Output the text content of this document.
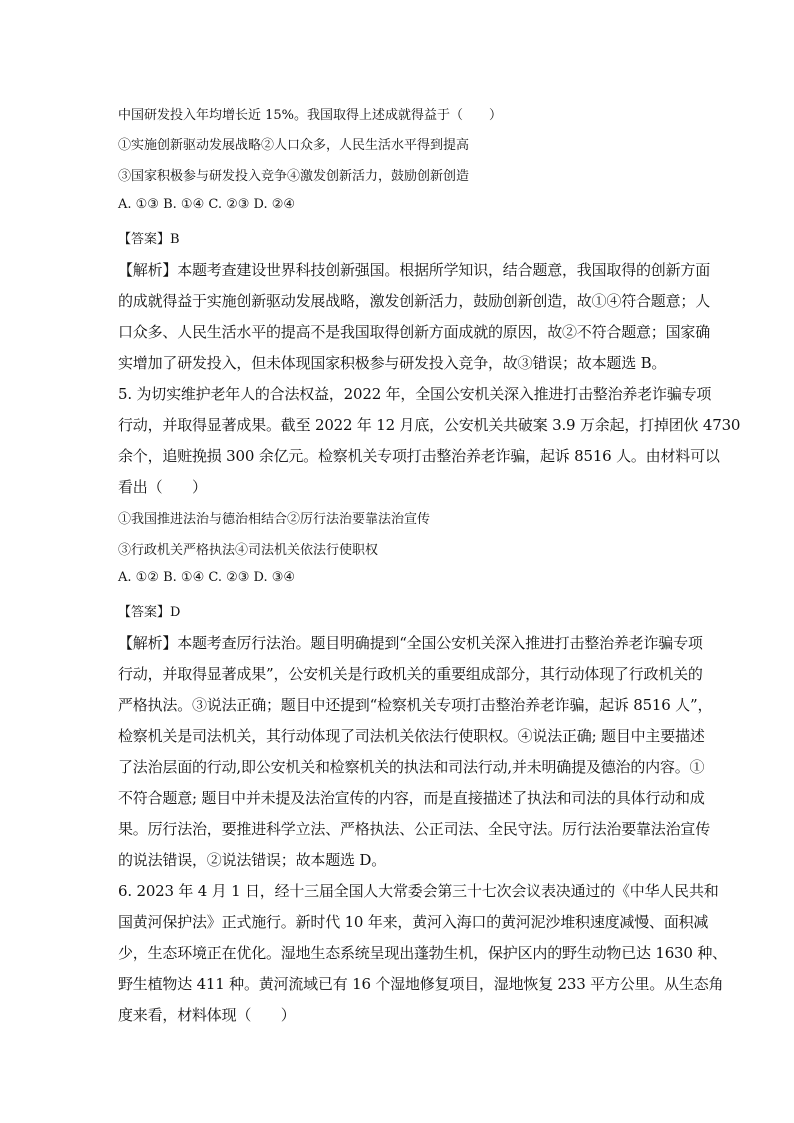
中国研发投入年均增长近 15%。我国取得上述成就得益于（　　）
①实施创新驱动发展战略②人口众多，人民生活水平得到提高
③国家积极参与研发投入竞争④激发创新活力，鼓励创新创造
A. ①③ B. ①④ C. ②③ D. ②④
【答案】B
【解析】本题考查建设世界科技创新强国。根据所学知识，结合题意，我国取得的创新方面
的成就得益于实施创新驱动发展战略，激发创新活力，鼓励创新创造，故①④符合题意；人
口众多、人民生活水平的提高不是我国取得创新方面成就的原因，故②不符合题意；国家确
实增加了研发投入，但未体现国家积极参与研发投入竞争，故③错误；故本题选 B。
5. 为切实维护老年人的合法权益，2022 年，全国公安机关深入推进打击整治养老诈骗专项
行动，并取得显著成果。截至 2022 年 12 月底，公安机关共破案 3.9 万余起，打掉团伙 4730
余个，追赃挽损 300 余亿元。检察机关专项打击整治养老诈骗，起诉 8516 人。由材料可以
看出（　　）
①我国推进法治与德治相结合②厉行法治要靠法治宣传
③行政机关严格执法④司法机关依法行使职权
A. ①② B. ①④ C. ②③ D. ③④
【答案】D
【解析】本题考查厉行法治。题目明确提到“全国公安机关深入推进打击整治养老诈骗专项
行动，并取得显著成果”，公安机关是行政机关的重要组成部分，其行动体现了行政机关的
严格执法。③说法正确；题目中还提到“检察机关专项打击整治养老诈骗，起诉 8516 人”，
检察机关是司法机关，其行动体现了司法机关依法行使职权。④说法正确; 题目中主要描述
了法治层面的行动,即公安机关和检察机关的执法和司法行动,并未明确提及德治的内容。①
不符合题意; 题目中并未提及法治宣传的内容，而是直接描述了执法和司法的具体行动和成
果。厉行法治，要推进科学立法、严格执法、公正司法、全民守法。厉行法治要靠法治宣传
的说法错误，②说法错误；故本题选 D。
6. 2023 年 4 月 1 日，经十三届全国人大常委会第三十七次会议表决通过的《中华人民共和
国黄河保护法》正式施行。新时代 10 年来，黄河入海口的黄河泥沙堆积速度减慢、面积减
少，生态环境正在优化。湿地生态系统呈现出蓬勃生机，保护区内的野生动物已达 1630 种、
野生植物达 411 种。黄河流域已有 16 个湿地修复项目，湿地恢复 233 平方公里。从生态角
度来看，材料体现（　　）
